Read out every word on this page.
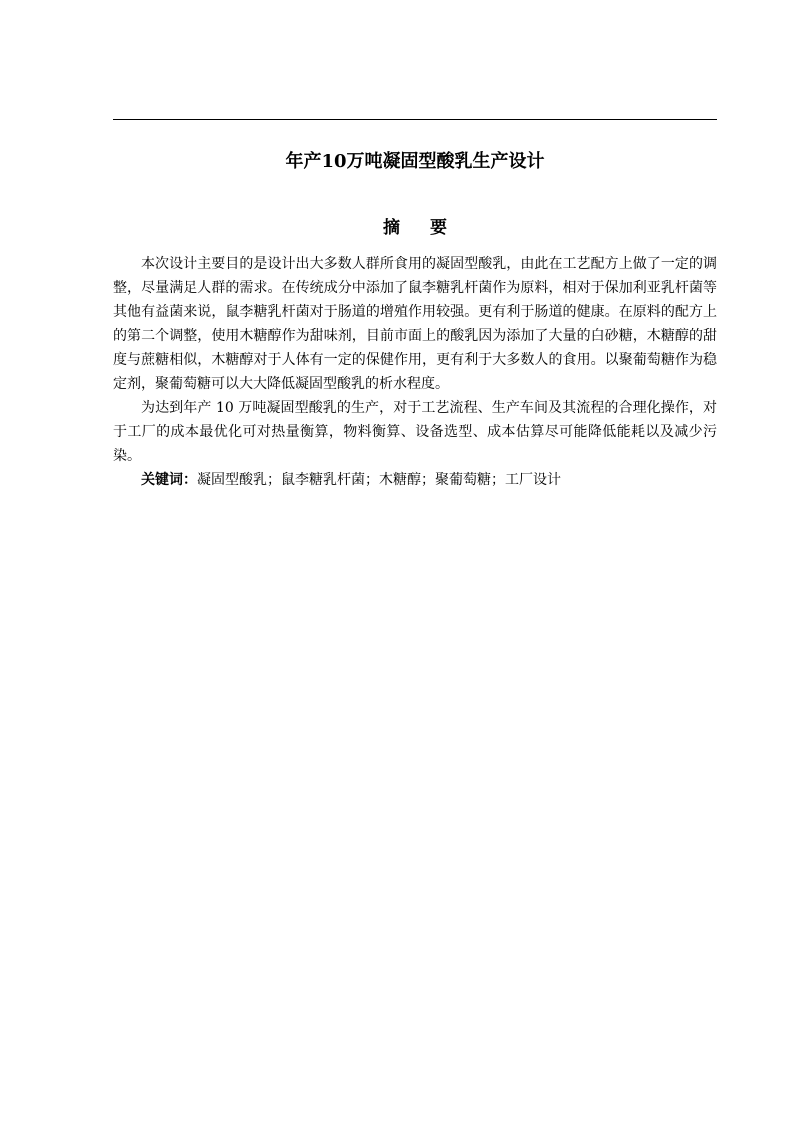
年产10万吨凝固型酸乳生产设计
摘 要

本次设计主要目的是设计出大多数人群所食用的凝固型酸乳，由此在工艺配方上做了一定的调整，尽量满足人群的需求。在传统成分中添加了鼠李糖乳杆菌作为原料，相对于保加利亚乳杆菌等其他有益菌来说，鼠李糖乳杆菌对于肠道的增殖作用较强。更有利于肠道的健康。在原料的配方上的第二个调整，使用木糖醇作为甜味剂，目前市面上的酸乳因为添加了大量的白砂糖，木糖醇的甜度与蔗糖相似，木糖醇对于人体有一定的保健作用，更有利于大多数人的食用。以聚葡萄糖作为稳定剂，聚葡萄糖可以大大降低凝固型酸乳的析水程度。

为达到年产 10 万吨凝固型酸乳的生产，对于工艺流程、生产车间及其流程的合理化操作，对于工厂的成本最优化可对热量衡算，物料衡算、设备选型、成本估算尽可能降低能耗以及减少污染。

关键词：凝固型酸乳；鼠李糖乳杆菌；木糖醇；聚葡萄糖；工厂设计
